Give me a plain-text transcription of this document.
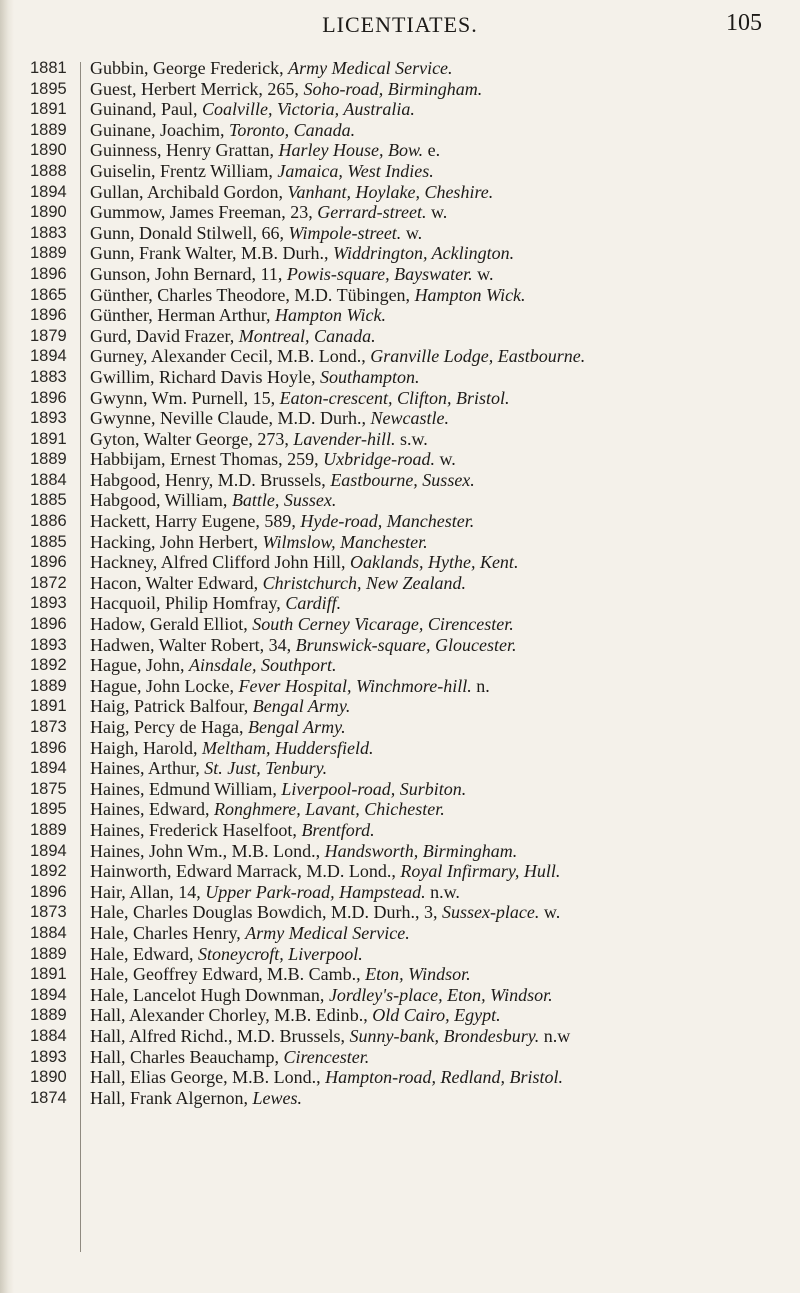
LICENTIATES.	105
1881	Gubbin, George Frederick, Army Medical Service.
1895	Guest, Herbert Merrick, 265, Soho-road, Birmingham.
1891	Guinand, Paul, Coalville, Victoria, Australia.
1889	Guinane, Joachim, Toronto, Canada.
1890	Guinness, Henry Grattan, Harley House, Bow. e.
1888	Guiselin, Frentz William, Jamaica, West Indies.
1894	Gullan, Archibald Gordon, Vanhant, Hoylake, Cheshire.
1890	Gummow, James Freeman, 23, Gerrard-street. w.
1883	Gunn, Donald Stilwell, 66, Wimpole-street. w.
1889	Gunn, Frank Walter, M.B. Durh., Widdrington, Acklington.
1896	Gunson, John Bernard, 11, Powis-square, Bayswater. w.
1865	Günther, Charles Theodore, M.D. Tübingen, Hampton Wick.
1896	Günther, Herman Arthur, Hampton Wick.
1879	Gurd, David Frazer, Montreal, Canada.
1894	Gurney, Alexander Cecil, M.B. Lond., Granville Lodge, Eastbourne.
1883	Gwillim, Richard Davis Hoyle, Southampton.
1896	Gwynn, Wm. Purnell, 15, Eaton-crescent, Clifton, Bristol.
1893	Gwynne, Neville Claude, M.D. Durh., Newcastle.
1891	Gyton, Walter George, 273, Lavender-hill. s.w.
1889	Habbijam, Ernest Thomas, 259, Uxbridge-road. w.
1884	Habgood, Henry, M.D. Brussels, Eastbourne, Sussex.
1885	Habgood, William, Battle, Sussex.
1886	Hackett, Harry Eugene, 589, Hyde-road, Manchester.
1885	Hacking, John Herbert, Wilmslow, Manchester.
1896	Hackney, Alfred Clifford John Hill, Oaklands, Hythe, Kent.
1872	Hacon, Walter Edward, Christchurch, New Zealand.
1893	Hacquoil, Philip Homfray, Cardiff.
1896	Hadow, Gerald Elliot, South Cerney Vicarage, Cirencester.
1893	Hadwen, Walter Robert, 34, Brunswick-square, Gloucester.
1892	Hague, John, Ainsdale, Southport.
1889	Hague, John Locke, Fever Hospital, Winchmore-hill. n.
1891	Haig, Patrick Balfour, Bengal Army.
1873	Haig, Percy de Haga, Bengal Army.
1896	Haigh, Harold, Meltham, Huddersfield.
1894	Haines, Arthur, St. Just, Tenbury.
1875	Haines, Edmund William, Liverpool-road, Surbiton.
1895	Haines, Edward, Ronghmere, Lavant, Chichester.
1889	Haines, Frederick Haselfoot, Brentford.
1894	Haines, John Wm., M.B. Lond., Handsworth, Birmingham.
1892	Hainworth, Edward Marrack, M.D. Lond., Royal Infirmary, Hull.
1896	Hair, Allan, 14, Upper Park-road, Hampstead. n.w.
1873	Hale, Charles Douglas Bowdich, M.D. Durh., 3, Sussex-place. w.
1884	Hale, Charles Henry, Army Medical Service.
1889	Hale, Edward, Stoneycroft, Liverpool.
1891	Hale, Geoffrey Edward, M.B. Camb., Eton, Windsor.
1894	Hale, Lancelot Hugh Downman, Jordley's-place, Eton, Windsor.
1889	Hall, Alexander Chorley, M.B. Edinb., Old Cairo, Egypt.
1884	Hall, Alfred Richd., M.D. Brussels, Sunny-bank, Brondesbury. n.w
1893	Hall, Charles Beauchamp, Cirencester.
1890	Hall, Elias George, M.B. Lond., Hampton-road, Redland, Bristol.
1874	Hall, Frank Algernon, Lewes.
